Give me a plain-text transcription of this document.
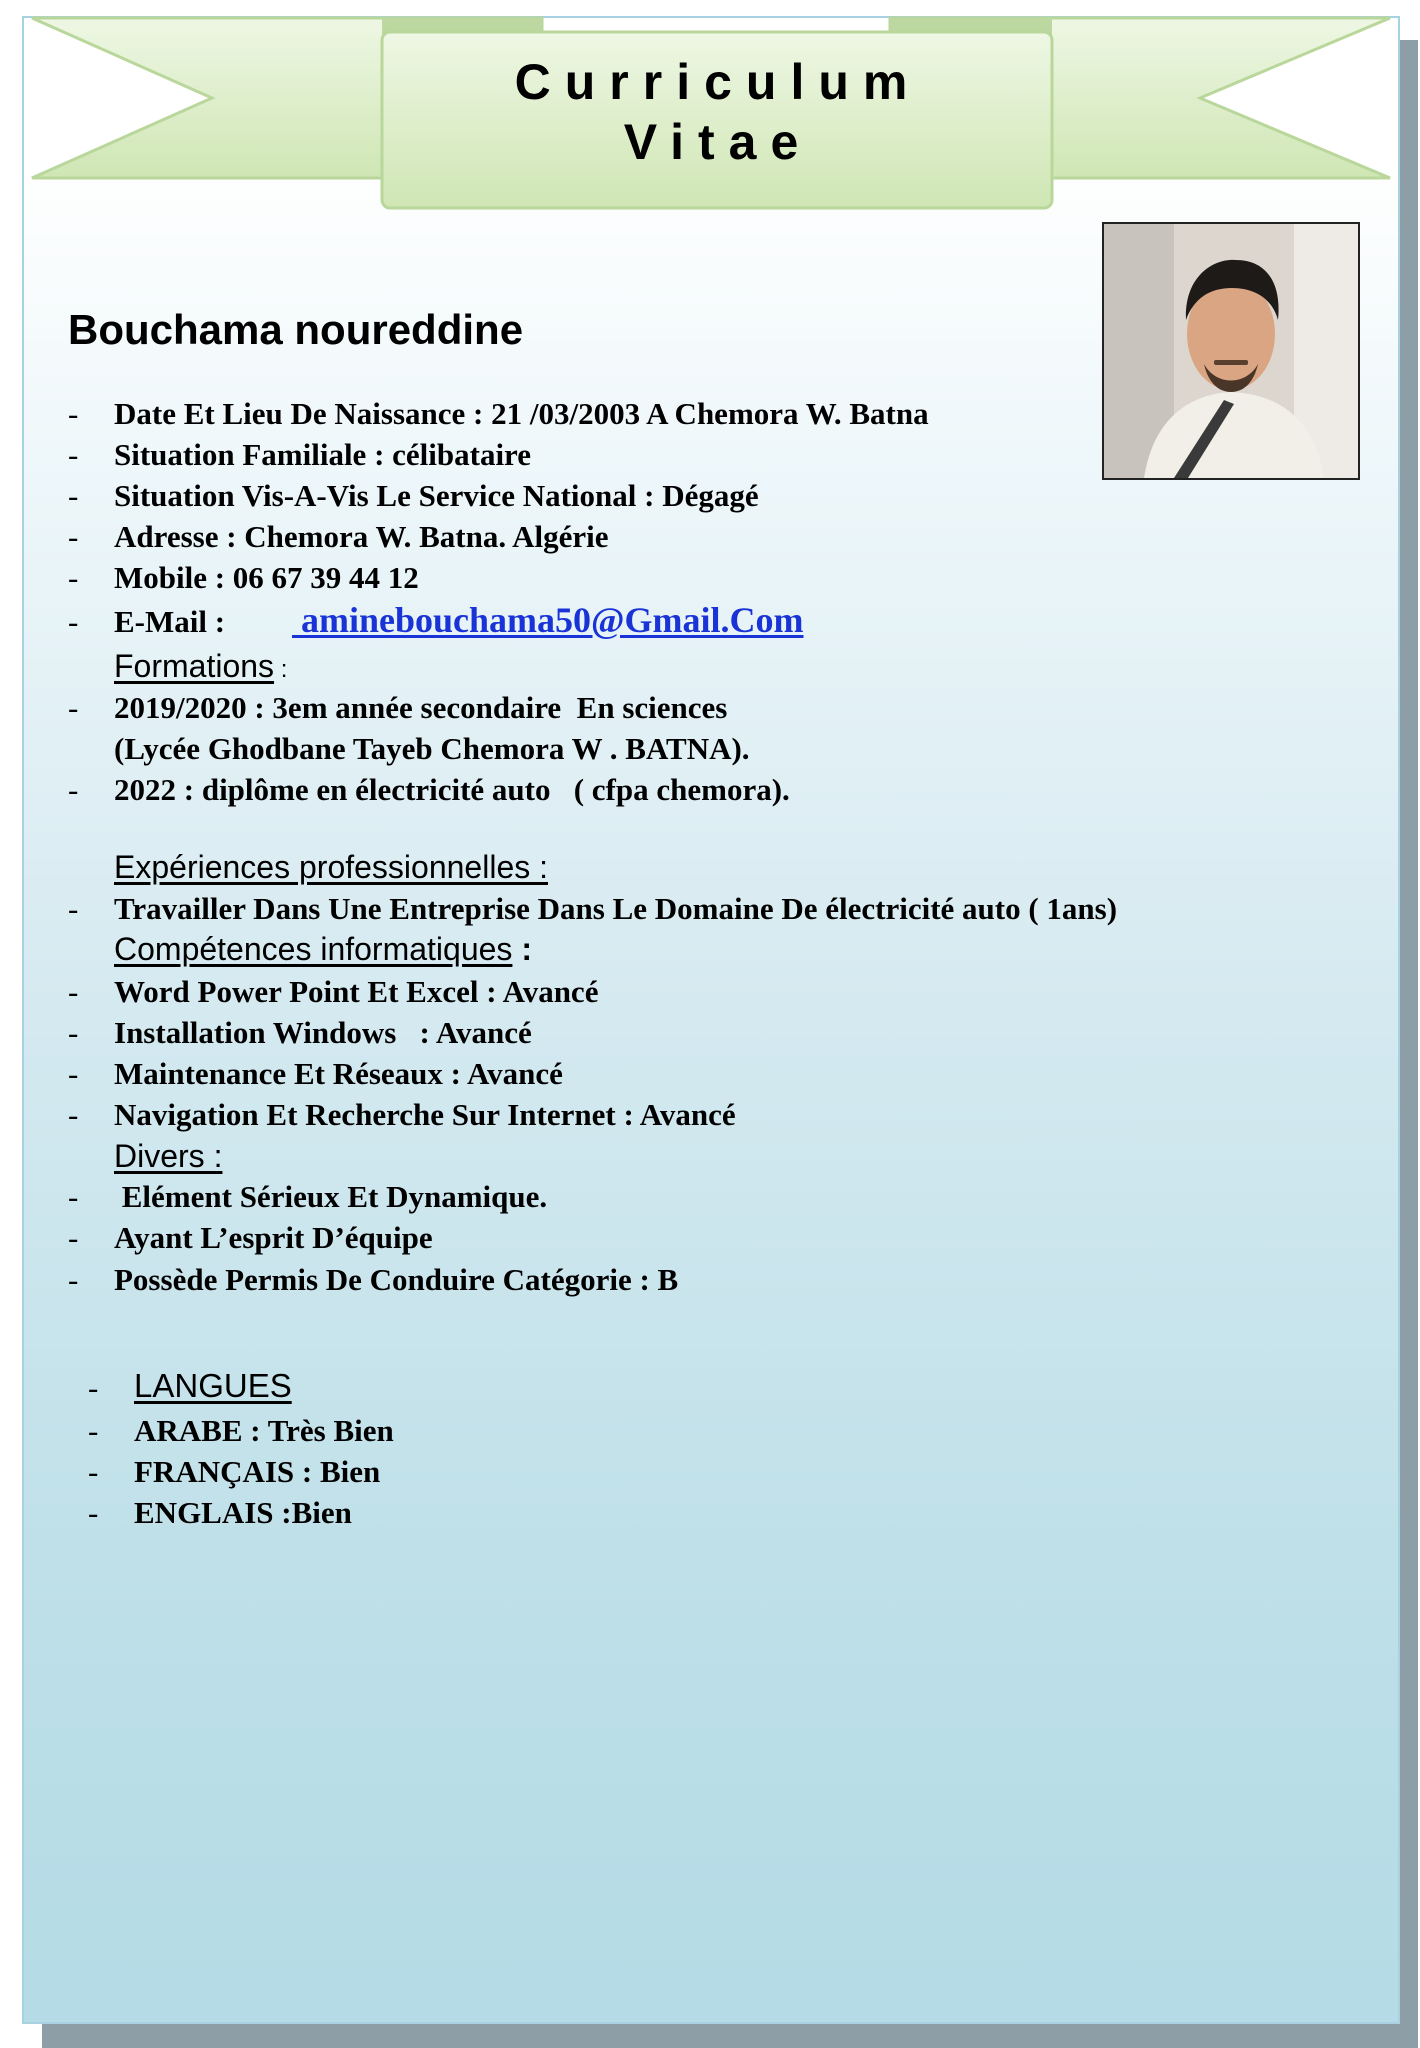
Curriculum
Vitae
Bouchama noureddine
- Date Et Lieu De Naissance : 21 /03/2003 A Chemora W. Batna
- Situation Familiale : célibataire
- Situation Vis-A-Vis Le Service National : Dégagé
- Adresse : Chemora W. Batna. Algérie
- Mobile : 06 67 39 44 12
- E-Mail : aminebouchama50@Gmail.Com
Formations :
- 2019/2020 : 3em année secondaire  En sciences
(Lycée Ghodbane Tayeb Chemora W . BATNA).
- 2022 : diplôme en électricité auto   ( cfpa chemora).
Expériences professionnelles :
- Travailler Dans Une Entreprise Dans Le Domaine De électricité auto ( 1ans)
Compétences informatiques :
- Word Power Point Et Excel : Avancé
- Installation Windows   : Avancé
- Maintenance Et Réseaux : Avancé
- Navigation Et Recherche Sur Internet : Avancé
Divers :
- Elément Sérieux Et Dynamique.
- Ayant L’esprit D’équipe
- Possède Permis De Conduire Catégorie : B
- LANGUES
- ARABE : Très Bien
- FRANÇAIS : Bien
- ENGLAIS :Bien
